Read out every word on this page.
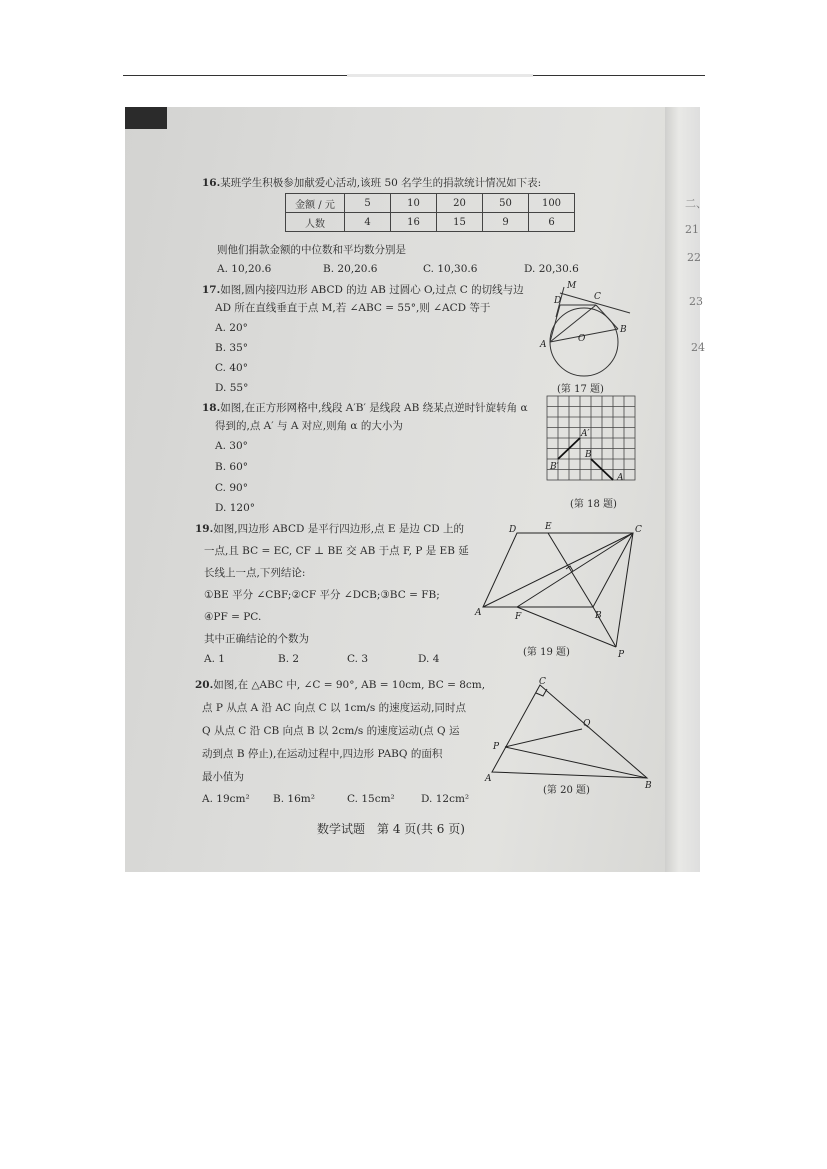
二、
21
22
23
24
16.某班学生积极参加献爱心活动,该班 50 名学生的捐款统计情况如下表:
金额 / 元	5	10	20	50	100
人数	4	16	15	9	6
则他们捐款金额的中位数和平均数分别是
A. 10,20.6	B. 20,20.6	C. 10,30.6	D. 20,30.6
17.如图,圆内接四边形 ABCD 的边 AB 过圆心 O,过点 C 的切线与边
AD 所在直线垂直于点 M,若 ∠ABC = 55°,则 ∠ACD 等于
A. 20°
B. 35°
C. 40°
D. 55°
M
D	C
B
A
O
(第 17 题)
18.如图,在正方形网格中,线段 A′B′ 是线段 AB 绕某点逆时针旋转角 α
得到的,点 A′ 与 A 对应,则角 α 的大小为
A. 30°
B. 60°
C. 90°
D. 120°
A′
B′
B
A
(第 18 题)
19.如图,四边形 ABCD 是平行四边形,点 E 是边 CD 上的
一点,且 BC = EC, CF ⊥ BE 交 AB 于点 F, P 是 EB 延
长线上一点,下列结论:
①BE 平分 ∠CBF;②CF 平分 ∠DCB;③BC = FB;
④PF = PC.
其中正确结论的个数为
A. 1	B. 2	C. 3	D. 4
D	E	C
A	F	B
P
(第 19 题)
20.如图,在 △ABC 中, ∠C = 90°, AB = 10cm, BC = 8cm,
点 P 从点 A 沿 AC 向点 C 以 1cm/s 的速度运动,同时点
Q 从点 C 沿 CB 向点 B 以 2cm/s 的速度运动(点 Q 运
动到点 B 停止),在运动过程中,四边形 PABQ 的面积
最小值为
A. 19cm² B. 16m²	C. 15cm²	D. 12cm²
C
Q
P
A
B
(第 20 题)
数学试题　第 4 页(共 6 页)
